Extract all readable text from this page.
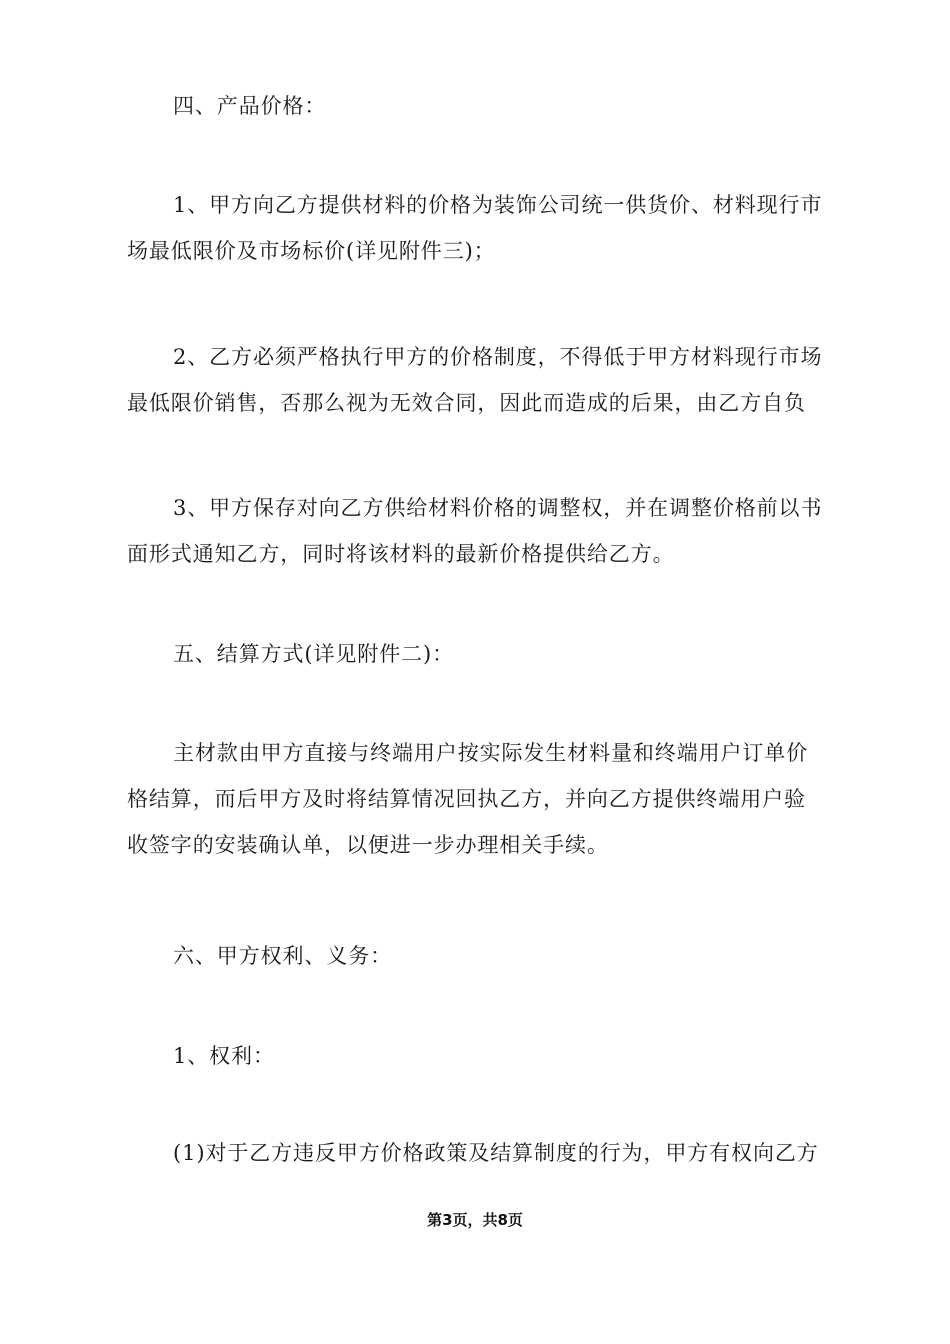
四、产品价格：

1、甲方向乙方提供材料的价格为装饰公司统一供货价、材料现行市
场最低限价及市场标价(详见附件三)；

2、乙方必须严格执行甲方的价格制度，不得低于甲方材料现行市场
最低限价销售，否那么视为无效合同，因此而造成的后果，由乙方自负

3、甲方保存对向乙方供给材料价格的调整权，并在调整价格前以书
面形式通知乙方，同时将该材料的最新价格提供给乙方。

五、结算方式(详见附件二)：

主材款由甲方直接与终端用户按实际发生材料量和终端用户订单价
格结算，而后甲方及时将结算情况回执乙方，并向乙方提供终端用户验
收签字的安装确认单，以便进一步办理相关手续。

六、甲方权利、义务：

1、权利：

(1)对于乙方违反甲方价格政策及结算制度的行为，甲方有权向乙方

第3页，共8页
